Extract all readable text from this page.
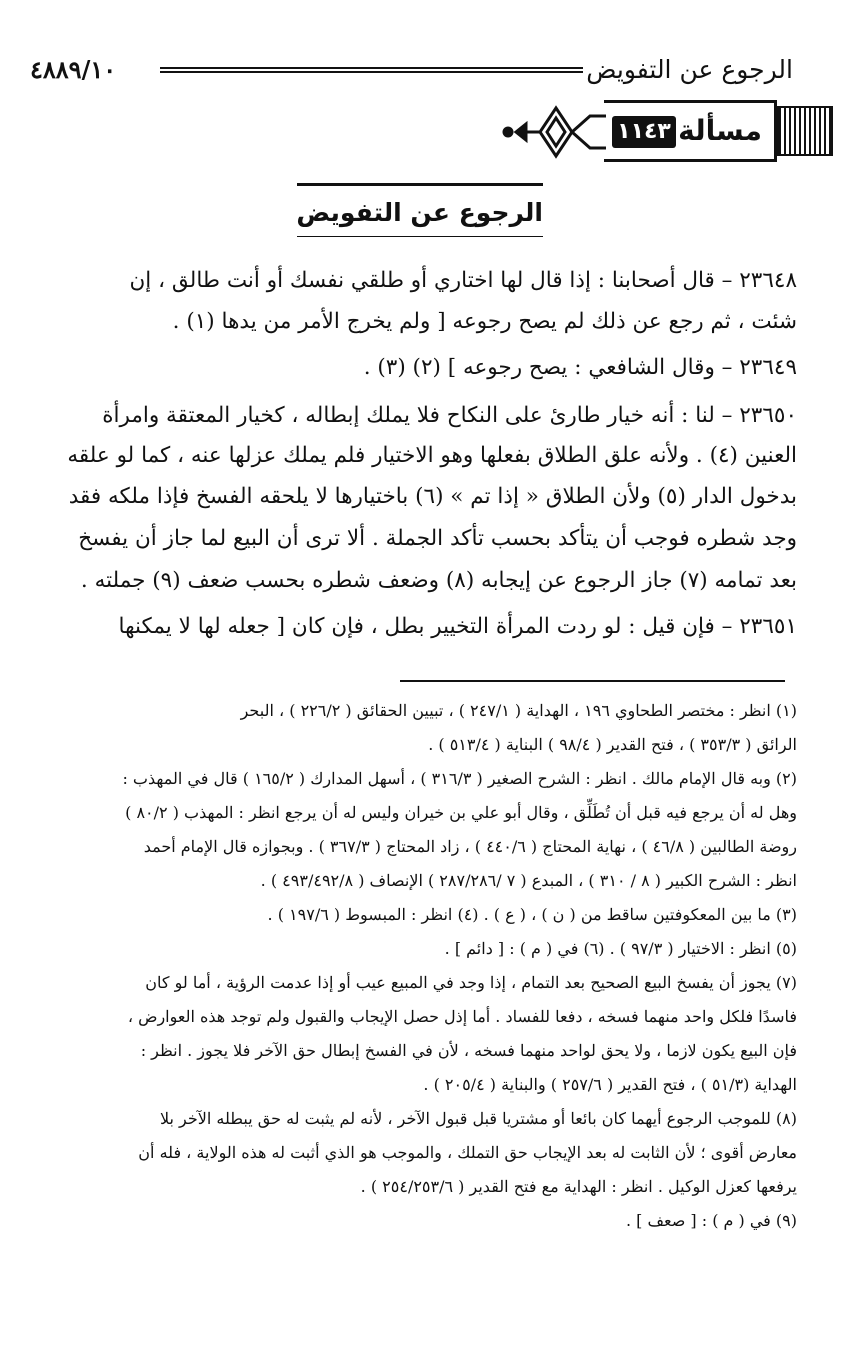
الرجوع عن التفويض
٤٨٨٩/١٠
مسألة
١١٤٣
الرجوع عن التفويض
٢٣٦٤٨ – قال أصحابنا : إذا قال لها اختاري أو طلقي نفسك أو أنت طالق ، إن
شئت ، ثم رجع عن ذلك لم يصح رجوعه [ ولم يخرج الأمر من يدها (١) .
٢٣٦٤٩ – وقال الشافعي : يصح رجوعه ] (٢) (٣) .
٢٣٦٥٠ – لنا : أنه خيار طارئ على النكاح فلا يملك إبطاله ، كخيار المعتقة وامرأة
العنين (٤) . ولأنه علق الطلاق بفعلها وهو الاختيار فلم يملك عزلها عنه ، كما لو علقه
بدخول الدار (٥) ولأن الطلاق « إذا تم » (٦) باختيارها لا يلحقه الفسخ فإذا ملكه فقد
وجد شطره فوجب أن يتأكد بحسب تأكد الجملة . ألا ترى أن البيع لما جاز أن يفسخ
بعد تمامه (٧) جاز الرجوع عن إيجابه (٨) وضعف شطره بحسب ضعف (٩) جملته .
٢٣٦٥١ – فإن قيل : لو ردت المرأة التخيير بطل ، فإن كان [ جعله لها لا يمكنها
(١) انظر : مختصر الطحاوي ١٩٦ ، الهداية ( ٢٤٧/١ ) ، تبيين الحقائق ( ٢٢٦/٢ ) ، البحر
الرائق ( ٣٥٣/٣ ) ، فتح القدير ( ٩٨/٤ ) البناية ( ٥١٣/٤ ) .
(٢) وبه قال الإمام مالك . انظر : الشرح الصغير ( ٣١٦/٣ ) ، أسهل المدارك ( ١٦٥/٢ ) قال في المهذب :
وهل له أن يرجع فيه قبل أن تُطَلِّق ، وقال أبو علي بن خيران وليس له أن يرجع انظر : المهذب ( ٨٠/٢ )
روضة الطالبين ( ٤٦/٨ ) ، نهاية المحتاج ( ٤٤٠/٦ ) ، زاد المحتاج ( ٣٦٧/٣ ) . وبجوازه قال الإمام أحمد
انظر : الشرح الكبير ( ٨ / ٣١٠ ) ، المبدع ( ٧ /٢٨٧/٢٨٦ ) الإنصاف ( ٤٩٣/٤٩٢/٨ ) .
(٣) ما بين المعكوفتين ساقط من ( ن ) ، ( ع ) . (٤) انظر : المبسوط ( ١٩٧/٦ ) .
(٥) انظر : الاختيار ( ٩٧/٣ ) . (٦) في ( م ) : [ دائم ] .
(٧) يجوز أن يفسخ البيع الصحيح بعد التمام ، إذا وجد في المبيع عيب أو إذا عدمت الرؤية ، أما لو كان
فاسدًا فلكل واحد منهما فسخه ، دفعا للفساد . أما إذل حصل الإيجاب والقبول ولم توجد هذه العوارض ،
فإن البيع يكون لازما ، ولا يحق لواحد منهما فسخه ، لأن في الفسخ إبطال حق الآخر فلا يجوز . انظر :
الهداية (٥١/٣ ) ، فتح القدير ( ٢٥٧/٦ ) والبناية ( ٢٠٥/٤ ) .
(٨) للموجب الرجوع أيهما كان بائعا أو مشتريا قبل قبول الآخر ، لأنه لم يثبت له حق يبطله الآخر بلا
معارض أقوى ؛ لأن الثابت له بعد الإيجاب حق التملك ، والموجب هو الذي أثبت له هذه الولاية ، فله أن
يرفعها كعزل الوكيل . انظر : الهداية مع فتح القدير ( ٢٥٤/٢٥٣/٦ ) .
(٩) في ( م ) : [ صعف ] .
